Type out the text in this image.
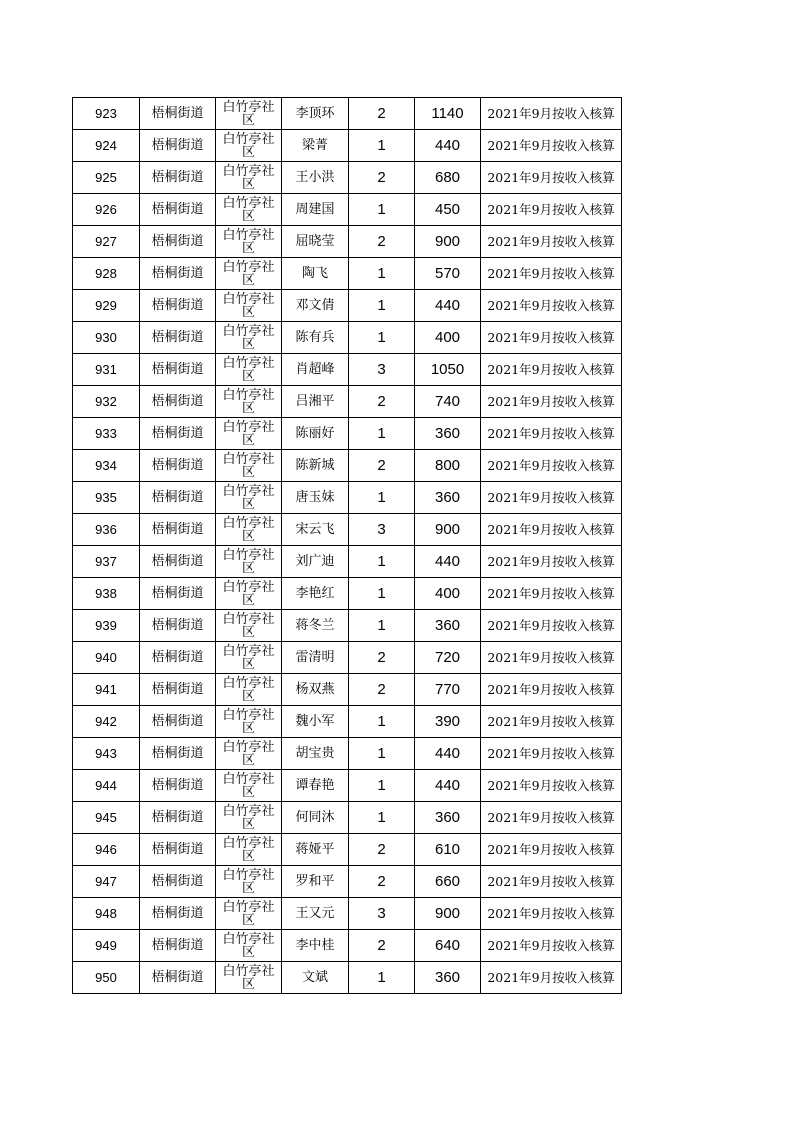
923	梧桐街道	白竹亭社区	李顶环	2	1140	2021年9月按收入核算
924	梧桐街道	白竹亭社区	梁菁	1	440	2021年9月按收入核算
925	梧桐街道	白竹亭社区	王小洪	2	680	2021年9月按收入核算
926	梧桐街道	白竹亭社区	周建国	1	450	2021年9月按收入核算
927	梧桐街道	白竹亭社区	屈晓莹	2	900	2021年9月按收入核算
928	梧桐街道	白竹亭社区	陶飞	1	570	2021年9月按收入核算
929	梧桐街道	白竹亭社区	邓文倩	1	440	2021年9月按收入核算
930	梧桐街道	白竹亭社区	陈有兵	1	400	2021年9月按收入核算
931	梧桐街道	白竹亭社区	肖超峰	3	1050	2021年9月按收入核算
932	梧桐街道	白竹亭社区	吕湘平	2	740	2021年9月按收入核算
933	梧桐街道	白竹亭社区	陈丽好	1	360	2021年9月按收入核算
934	梧桐街道	白竹亭社区	陈新城	2	800	2021年9月按收入核算
935	梧桐街道	白竹亭社区	唐玉妹	1	360	2021年9月按收入核算
936	梧桐街道	白竹亭社区	宋云飞	3	900	2021年9月按收入核算
937	梧桐街道	白竹亭社区	刘广迪	1	440	2021年9月按收入核算
938	梧桐街道	白竹亭社区	李艳红	1	400	2021年9月按收入核算
939	梧桐街道	白竹亭社区	蒋冬兰	1	360	2021年9月按收入核算
940	梧桐街道	白竹亭社区	雷清明	2	720	2021年9月按收入核算
941	梧桐街道	白竹亭社区	杨双燕	2	770	2021年9月按收入核算
942	梧桐街道	白竹亭社区	魏小军	1	390	2021年9月按收入核算
943	梧桐街道	白竹亭社区	胡宝贵	1	440	2021年9月按收入核算
944	梧桐街道	白竹亭社区	谭春艳	1	440	2021年9月按收入核算
945	梧桐街道	白竹亭社区	何同沐	1	360	2021年9月按收入核算
946	梧桐街道	白竹亭社区	蒋娅平	2	610	2021年9月按收入核算
947	梧桐街道	白竹亭社区	罗和平	2	660	2021年9月按收入核算
948	梧桐街道	白竹亭社区	王又元	3	900	2021年9月按收入核算
949	梧桐街道	白竹亭社区	李中桂	2	640	2021年9月按收入核算
950	梧桐街道	白竹亭社区	文斌	1	360	2021年9月按收入核算
